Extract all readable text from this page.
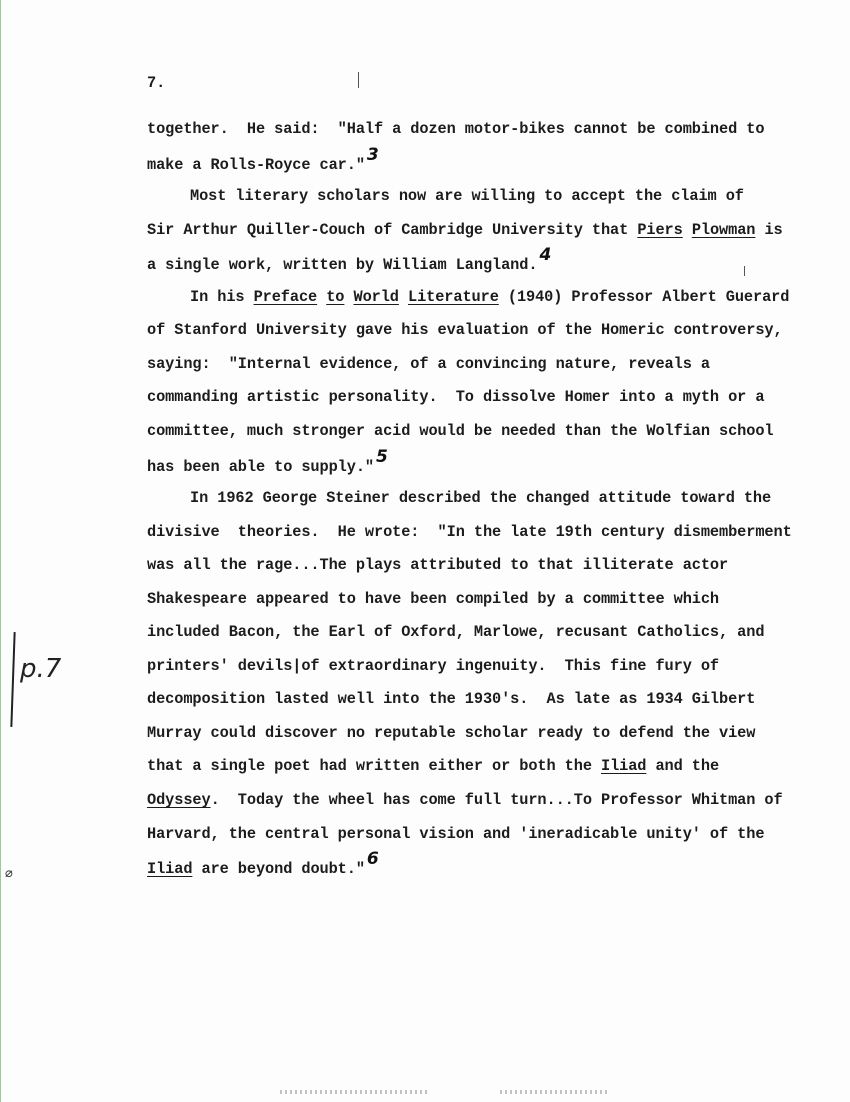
7.
together.  He said:  "Half a dozen motor-bikes cannot be combined to
make a Rolls-Royce car." 3
Most literary scholars now are willing to accept the claim of
Sir Arthur Quiller-Couch of Cambridge University that Piers Plowman is
a single work, written by William Langland. 4
In his Preface to World Literature (1940) Professor Albert Guerard
of Stanford University gave his evaluation of the Homeric controversy,
saying:  "Internal evidence, of a convincing nature, reveals a
commanding artistic personality.  To dissolve Homer into a myth or a
committee, much stronger acid would be needed than the Wolfian school
has been able to supply." 5
In 1962 George Steiner described the changed attitude toward the
divisive  theories.  He wrote:  "In the late 19th century dismemberment
was all the rage...The plays attributed to that illiterate actor
Shakespeare appeared to have been compiled by a committee which
included Bacon, the Earl of Oxford, Marlowe, recusant Catholics, and
printers' devils|of extraordinary ingenuity.  This fine fury of
decomposition lasted well into the 1930's.  As late as 1934 Gilbert
Murray could discover no reputable scholar ready to defend the view
that a single poet had written either or both the Iliad and the
Odyssey.  Today the wheel has come full turn...To Professor Whitman of
Harvard, the central personal vision and 'ineradicable unity' of the
Iliad are beyond doubt." 6
p.7
⌀
